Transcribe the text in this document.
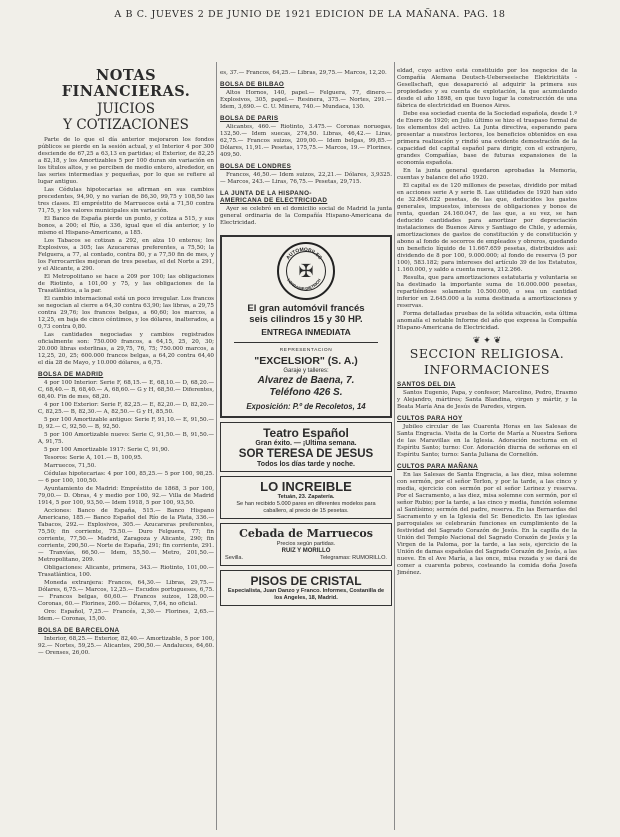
A B C. JUEVES 2 DE JUNIO DE 1921 EDICION DE LA MAÑANA. PAG. 18
NOTAS FINANCIERAS.
JUICIOS
Y COTIZACIONES

Parte de lo que el día anterior mejoraron los fondos públicos se pierde en la sesión actual, y el Interior 4 por 300 desciende de 67,25 a 63,13 en partidas; el Exterior, de 82,25 a 82,18, y los Amortizables 5 por 100 duran sin variación en los títulos altos, y se perciben de medio entero, alrededor, en las series intermedias y pequeñas, por lo que se refiere al lugar antiguo.

Las Cédulas hipotecarias se afirman en sus cambios precedentes, 94,90, y no varían de 86,30, 99,75 y 108,50 las tres clases. El empréstito de Marruecos está a 71,50 contra 71,75, y los valores municipales sin variación.

El Banco de España pierde un punto, y cotiza a 515, y sus bonos, a 200; el Río, a 336, igual que el día anterior, y lo mismo el Hispano-Americano, a 185.

Los Tabacos se cotizan a 292, en alza 10 enteros; los Explosivos, a 305; las Azucareras preferentes, a 75,50; la Felguera, a 77, al contado, contra 80, y a 77,50 fin de mes, y los Ferrocarriles mejoran de tres pesetas, el del Norte a 291, y el Alicante, a 290.

El Metropolitano se hace a 209 por 100; las obligaciones de Riotinto, a 101,00 y 75, y las obligaciones de la Trasatlántica, a la par.

El cambio internacional está un poco irregular. Los francos se negocian al cierre a 64,30 contra 63,90; las libras, a 29,75 contra 29,76; los francos belgas, a 60,60; los marcos, a 12,25, en baja de cinco céntimos, y los dólares, inalterados, a 0,73 contra 0,80.

Las cantidades negociadas y cambios registrados oficialmente son: 750.000 francos, a 64,15, 25, 20, 30; 20.000 libras esterlinas, a 29,75, 76, 75; 750.000 marcos, a 12,25, 20, 25; 600.000 francos belgas, a 64,20 contra 64,40 el día 28 de Mayo, y 10.000 dólares, a 6,75.

BOLSA DE MADRID

4 por 100 Interior: Serie F, 68,15.— E, 68,10.— D, 68,20.— C, 68,40.— B, 68,40.— A, 68,60.— G y H, 68,50.— Diferentes, 68,40. Fin de mes, 68,20.

4 por 100 Exterior: Serie F, 82,25.— E, 82,20.— D, 82,20.— C, 82,25.— B, 82,30.— A, 82,50.— G y H, 85,50.

5 por 100 Amortizable antiguo: Serie F, 91,10.— E, 91,50.— D, 92.— C, 92,50.— B, 92,50.

5 por 100 Amortizable nuevo: Serie C, 91,50.— B, 91,50.— A, 91,75.

5 por 100 Amortizable 1917: Serie C, 91,90.

Tesoros: Serie A, 101.— B, 100,95.

Marruecos, 71,50.

Cédulas hipotecarias: 4 por 100, 85,25.— 5 por 100, 98,25.— 6 por 100, 100,50.

Ayuntamiento de Madrid: Empréstito de 1868, 3 por 100, 79,00.— D. Obras, 4 y medio por 100, 92.— Villa de Madrid 1914, 5 por 100, 93,50.— Idem 1918, 5 por 100, 93,50.

Acciones: Banco de España, 515.— Banco Hispano Americano, 185.— Banco Español del Río de la Plata, 336.— Tabacos, 292.— Explosivos, 305.— Azucareras preferentes, 75,50; fin corriente, 75.50.— Duro Felguera, 77; fin corriente, 77,50.— Madrid, Zaragoza y Alicante, 290; fin corriente, 290,50.— Norte de España, 291; fin corriente, 291.— Tranvías, 66,50.— Idem, 55,50.— Metro, 201,50.— Metropolitano, 209.

Obligaciones: Alicante, primera, 343.— Riotinto, 101,00.— Trasatlántica, 100.

Moneda extranjera: Francos, 64,30.— Libras, 29,75.— Dólares, 6,75.— Marcos, 12,25.— Escudos portugueses, 6,75.— Francos belgas, 60,60.— Francos suizos, 128,00.— Coronas, 60.— Florines, 260.— Dólares, 7,64, no oficial.

Oro: Español, 7,25.— Francés, 2,30.— Florines, 2,65.— Idem.— Coronas, 15,00.

BOLSA DE BARCELONA

Interior, 68,25.— Exterior, 82,40.— Amortizable, 5 por 100, 92.— Nortes, 59,25.— Alicantes, 290,50.— Andaluces, 64,60.— Orenses, 26,00.

es, 37.— Francos, 64,25.— Libras, 29,75.— Marcos, 12,20.

BOLSA DE BILBAO

Altos Hornos, 140, papel.— Felguera, 77, dinero.— Explosivos, 305, papel.— Resinera, 375.— Nortes, 291.— Idem, 3,690.— C. U. Minera, 740.— Mundaca, 130.

BOLSA DE PARIS

Alicantes, 460.— Riotinto, 3.475.— Coronas noruegas, 132,50.— Idem suecas, 274,50. Libras, 46,42.— Liras, 62,75.— Francos suizos, 209,00.— Idem belgas, 99,85.— Dólares, 11,91.— Pesetas, 175,75.— Marcos, 19.— Florines, 409,50.

BOLSA DE LONDRES

Francos, 46,50.— Idem suizos, 22,21.— Dólares, 3,9325.— Marcos, 243.— Liras, 76,75.— Pesetas, 29,715.

LA JUNTA DE LA HISPANO-
AMERICANA DE ELECTRICIDAD

Ayer se celebró en el domicilio social de Madrid la junta general ordinaria de la Compañía Hispano-Americana de Electricidad.

AUTOMOBILES
LORRAINE-DIETRICH
✠
El gran automóvil francés
seis cilindros 15 y 30 HP.
ENTREGA INMEDIATA
REPRESENTACION
"EXCELSIOR" (S. A.)
Garaje y talleres:
Alvarez de Baena, 7.
Teléfono 426 S.
Exposición: P.º de Recoletos, 14
Teatro Español
Gran éxito. — ¡Ultima semana.
SOR TERESA DE JESUS
Todos los días tarde y noche.
LO INCREIBLE
Tetuán, 23. Zapatería.
Se han recibido 5.000 pares en diferentes modelos para caballero, al precio de 15 pesetas.
Cebada de Marruecos
Precios según partidas.
RUIZ Y MORILLO
Sevilla.	Telegramas: RUMORILLO.
PISOS DE CRISTAL
Especialista, Juan Danzo y Franco. Informes, Costanilla de los Angeles, 18, Madrid.

eldad, cuyo activo está constituido por los negocios de la Compañía Alemana Deutsch-Ueberseeische Elektricitäts - Gesellschaft, que desapareció al adquirir la primera sus propiedades y su cuenta de explotación, la que acumulando desde el año 1898, en que tuvo lugar la construcción de una fábrica de electricidad en Buenos Aires.

Debe esa sociedad cuenta de la Sociedad española, desde 1.º de Enero de 1920; en Julio último se hizo el traspaso formal de los elementos del activo. La Junta directiva, esperando para presentar a nuestros lectores, los beneficios obtenidos en esa primera realización y rindió una evidente demostración de la capacidad del capital español para dirigir, con el extranjero, grandes Compañías, base de futuras expansiones de la economía española.

En la junta general quedaron aprobadas la Memoria, cuentas y balance del año 1920.

El capital es de 120 millones de pesetas, dividido por mitad en acciones serie A y serie B. Las utilidades de 1920 han sido de 32.846.622 pesetas, de las que, deducidos los gastos generales, impuestos, intereses de obligaciones y bonos de renta, quedan 24.160.047, de las que, a su vez, se han deducido cantidades para amortizar por depreciación instalaciones de Buenos Aires y Santiago de Chile, y además, amortizaciones de gastos de constitución y de constitución y abono al fondo de socorros de empleados y obreros, quedando un beneficio líquido de 11.667.659 pesetas, distribuidos así: dividendo de 8 por 100, 9.000.000; al fondo de reserva (5 por 100), 583.182; para intereses del artículo 39 de los Estatutos, 1.160.000, y saldo a cuenta nueva, 212.266.

Resulta, que para amortizaciones estatutaria y voluntaria se ha destinado la importante suma de 16.000.000 pesetas, repartiéndose solamente 10.500.000, o sea un cantidad inferior en 2.645.000 a la suma destinada a amortizaciones y reservas.

Forma detalladas pruebas de la sólida situación, esta última anomalía el notable Informe del año que expresa la Compañía Hispano-Americana de Electricidad.

❦ ✦ ❦
SECCION RELIGIOSA.
INFORMACIONES
SANTOS DEL DIA

Santos Eugenio, Papa, y confesor; Marcelino, Pedro, Erasmo y Alejandro, mártires; Santa Blandina, virgen y mártir, y la Beata María Ana de Jesús de Paredes, virgen.

CULTOS PARA HOY

Jubileo circular de las Cuarenta Horas en las Salesas de Santa Engracia. Visita de la Corte de María a Nuestra Señora de las Maravillas en la Iglesia. Adoración nocturna en el Espíritu Santo; turno: Cor. Adoración diurna de señoras en el Espíritu Santo; turno: Santa Juliana de Cornelión.

CULTOS PARA MAÑANA

En las Salesas de Santa Engracia, a las diez, misa solemne con sermón, por el señor Terlon, y por la tarde, a las cinco y media, ejercicio con sermón por el señor Lerinez y reserva. Por el Sacramento, a las diez, misa solemne con sermón, por el señor Rubio; por la tarde, a las cinco y media, función solemne al Santísimo; sermón del padre, reserva. En las Bernardas del Sacramento y en la Iglesia del Sr. Benedicto. En las iglesias parroquiales se celebrarán funciones en cumplimiento de la festividad del Sagrado Corazón de Jesús. En la capilla de la Unión del Templo Nacional del Sagrado Corazón de Jesús y la Virgen de la Paloma, por la tarde, a las seis, ejercicio de la Unión de damas españolas del Sagrado Corazón de Jesús, a las nueve. En el Ave María, a las once, misa rezada y se dará de comer a cuarenta pobres, costeando la comida doña Josefa Jiménez.
